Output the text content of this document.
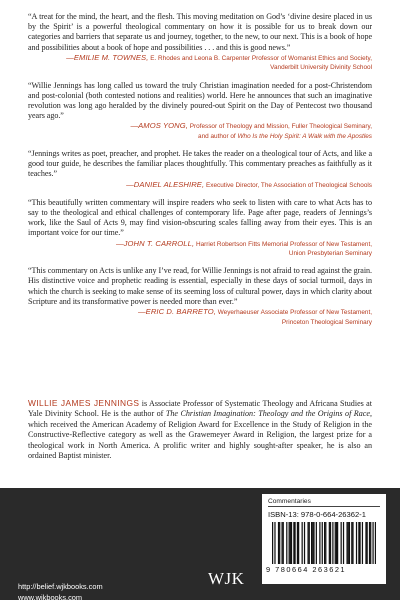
“A treat for the mind, the heart, and the flesh. This moving meditation on God’s ‘divine desire placed in us by the Spirit’ is a powerful theological commentary on how it is possible for us to break down our categories and barriers that separate us and journey, together, to the new, to our next. This is a book of hope and possibilities about a book of hope and possibilities . . . and this is good news.”

—EMILIE M. TOWNES, E. Rhodes and Leona B. Carpenter Professor of Womanist Ethics and Society,
Vanderbilt University Divinity School

“Willie Jennings has long called us toward the truly Christian imagination needed for a post-Christendom and post-colonial (both contested notions and realities) world. Here he announces that such an imaginative revolution was long ago heralded by the divinely poured-out Spirit on the Day of Pentecost two thousand years ago.”

—AMOS YONG, Professor of Theology and Mission, Fuller Theological Seminary,
and author of Who Is the Holy Spirit: A Walk with the Apostles

“Jennings writes as poet, preacher, and prophet. He takes the reader on a theological tour of Acts, and like a good tour guide, he describes the familiar places thoughtfully. This commentary preaches as faithfully as it teaches.”

—DANIEL ALESHIRE, Executive Director, The Association of Theological Schools

“This beautifully written commentary will inspire readers who seek to listen with care to what Acts has to say to the theological and ethical challenges of contemporary life. Page after page, readers of Jennings’s work, like the Saul of Acts 9, may find vision-obscuring scales falling away from their eyes. This is an important voice for our time.”

—JOHN T. CARROLL, Harriet Robertson Fitts Memorial Professor of New Testament,
Union Presbyterian Seminary

“This commentary on Acts is unlike any I’ve read, for Willie Jennings is not afraid to read against the grain. His distinctive voice and prophetic reading is essential, especially in these days of social turmoil, days in which the church is seeking to make sense of its seeming loss of cultural power, days in which clarity about Scripture and its transformative power is needed more than ever.”

—ERIC D. BARRETO, Weyerhaeuser Associate Professor of New Testament,
Princeton Theological Seminary

WILLIE JAMES JENNINGS is Associate Professor of Systematic Theology and Africana Studies at Yale Divinity School. He is the author of The Christian Imagination: Theology and the Origins of Race, which received the American Academy of Religion Award for Excellence in the Study of Religion in the Constructive-Reflective category as well as the Grawemeyer Award in Religion, the largest prize for a theological work in North America. A prolific writer and highly sought-after speaker, he is also an ordained Baptist minister.

http://belief.wjkbooks.com
www.wjkbooks.com
WJK
Commentaries
ISBN-13: 978-0-664-26362-1
9 780664 263621
